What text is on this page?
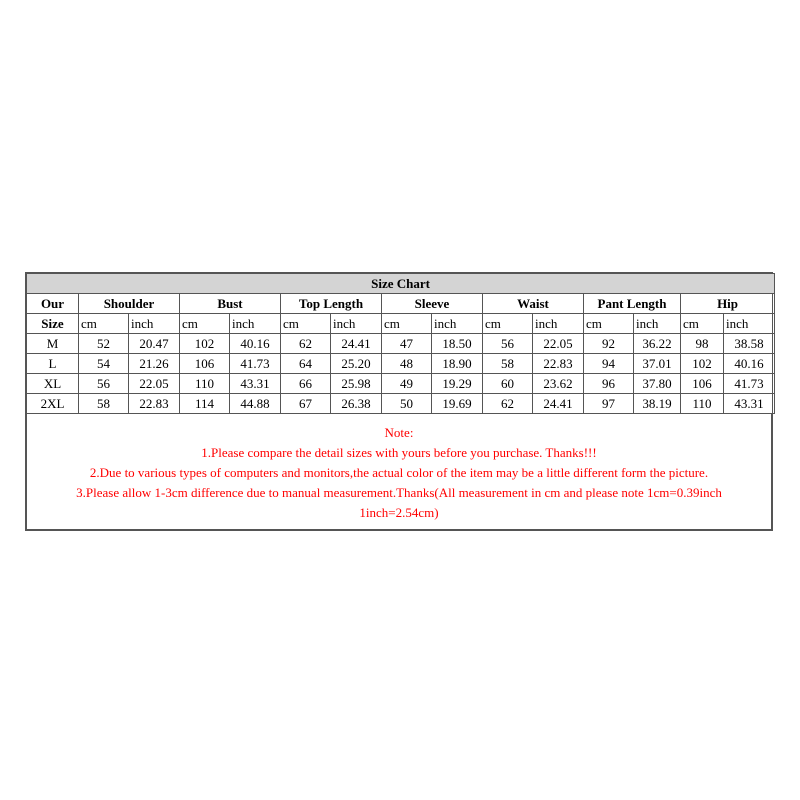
Size Chart														
Our	Shoulder		Bust		Top Length		Sleeve		Waist		Pant Length		Hip	
Size	cm	inch	cm	inch	cm	inch	cm	inch	cm	inch	cm	inch	cm	inch
M	52	20.47	102	40.16	62	24.41	47	18.50	56	22.05	92	36.22	98	38.58
L	54	21.26	106	41.73	64	25.20	48	18.90	58	22.83	94	37.01	102	40.16
XL	56	22.05	110	43.31	66	25.98	49	19.29	60	23.62	96	37.80	106	41.73
2XL	58	22.83	114	44.88	67	26.38	50	19.69	62	24.41	97	38.19	110	43.31
Note:
1.Please compare the detail sizes with yours before you purchase. Thanks!!!
2.Due to various types of computers and monitors,the actual color of the item may be a little different form the picture.
3.Please allow 1-3cm difference due to manual measurement.Thanks(All measurement in cm and please note 1cm=0.39inch
1inch=2.54cm)
